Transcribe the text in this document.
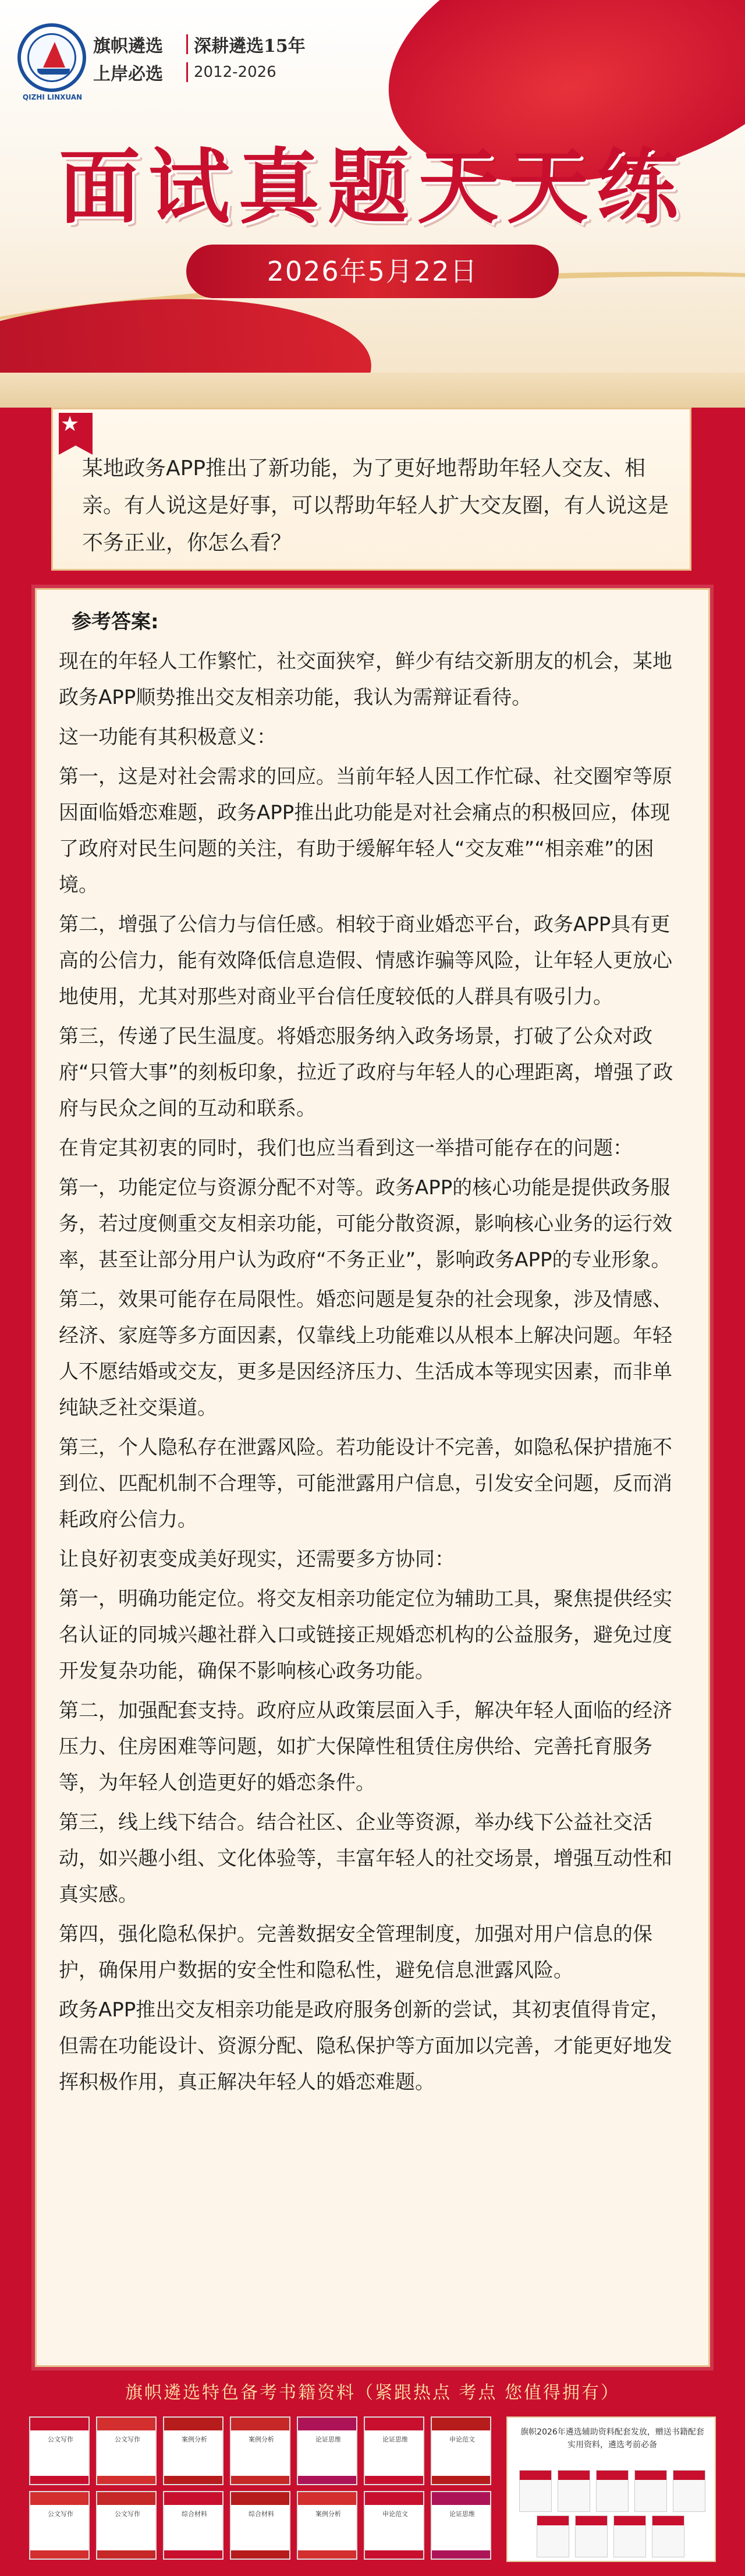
QIZHI LINXUAN
旗帜遴选	深耕遴选15年
上岸必选	2012-2026
面试真题天天练
2026年5月22日
★
某地政务APP推出了新功能，为了更好地帮助年轻人交友、相亲。有人说这是好事，可以帮助年轻人扩大交友圈，有人说这是不务正业，你怎么看？
参考答案:
现在的年轻人工作繁忙，社交面狭窄，鲜少有结交新朋友的机会，某地政务APP顺势推出交友相亲功能，我认为需辩证看待。
这一功能有其积极意义：
第一，这是对社会需求的回应。当前年轻人因工作忙碌、社交圈窄等原因面临婚恋难题，政务APP推出此功能是对社会痛点的积极回应，体现了政府对民生问题的关注，有助于缓解年轻人“交友难”“相亲难”的困境。
第二，增强了公信力与信任感。相较于商业婚恋平台，政务APP具有更高的公信力，能有效降低信息造假、情感诈骗等风险，让年轻人更放心地使用，尤其对那些对商业平台信任度较低的人群具有吸引力。
第三，传递了民生温度。将婚恋服务纳入政务场景，打破了公众对政府“只管大事”的刻板印象，拉近了政府与年轻人的心理距离，增强了政府与民众之间的互动和联系。
在肯定其初衷的同时，我们也应当看到这一举措可能存在的问题：
第一，功能定位与资源分配不对等。政务APP的核心功能是提供政务服务，若过度侧重交友相亲功能，可能分散资源，影响核心业务的运行效率，甚至让部分用户认为政府“不务正业”，影响政务APP的专业形象。
第二，效果可能存在局限性。婚恋问题是复杂的社会现象，涉及情感、经济、家庭等多方面因素，仅靠线上功能难以从根本上解决问题。年轻人不愿结婚或交友，更多是因经济压力、生活成本等现实因素，而非单纯缺乏社交渠道。
第三，个人隐私存在泄露风险。若功能设计不完善，如隐私保护措施不到位、匹配机制不合理等，可能泄露用户信息，引发安全问题，反而消耗政府公信力。
让良好初衷变成美好现实，还需要多方协同：
第一，明确功能定位。将交友相亲功能定位为辅助工具，聚焦提供经实名认证的同城兴趣社群入口或链接正规婚恋机构的公益服务，避免过度开发复杂功能，确保不影响核心政务功能。
第二，加强配套支持。政府应从政策层面入手，解决年轻人面临的经济压力、住房困难等问题，如扩大保障性租赁住房供给、完善托育服务等，为年轻人创造更好的婚恋条件。
第三，线上线下结合。结合社区、企业等资源，举办线下公益社交活动，如兴趣小组、文化体验等，丰富年轻人的社交场景，增强互动性和真实感。
第四，强化隐私保护。完善数据安全管理制度，加强对用户信息的保护，确保用户数据的安全性和隐私性，避免信息泄露风险。
政务APP推出交友相亲功能是政府服务创新的尝试，其初衷值得肯定，但需在功能设计、资源分配、隐私保护等方面加以完善，才能更好地发挥积极作用，真正解决年轻人的婚恋难题。
旗帜遴选特色备考书籍资料（紧跟热点 考点 您值得拥有）
旗帜2026年遴选辅助资料配套发放，赠送书籍配套实用资料，遴选考前必备
公文写作	公文写作	案例分析	案例分析	论证思维	论证思维	申论范文
公文写作	公文写作	综合材料	综合材料	案例分析	申论范文	论证思维
